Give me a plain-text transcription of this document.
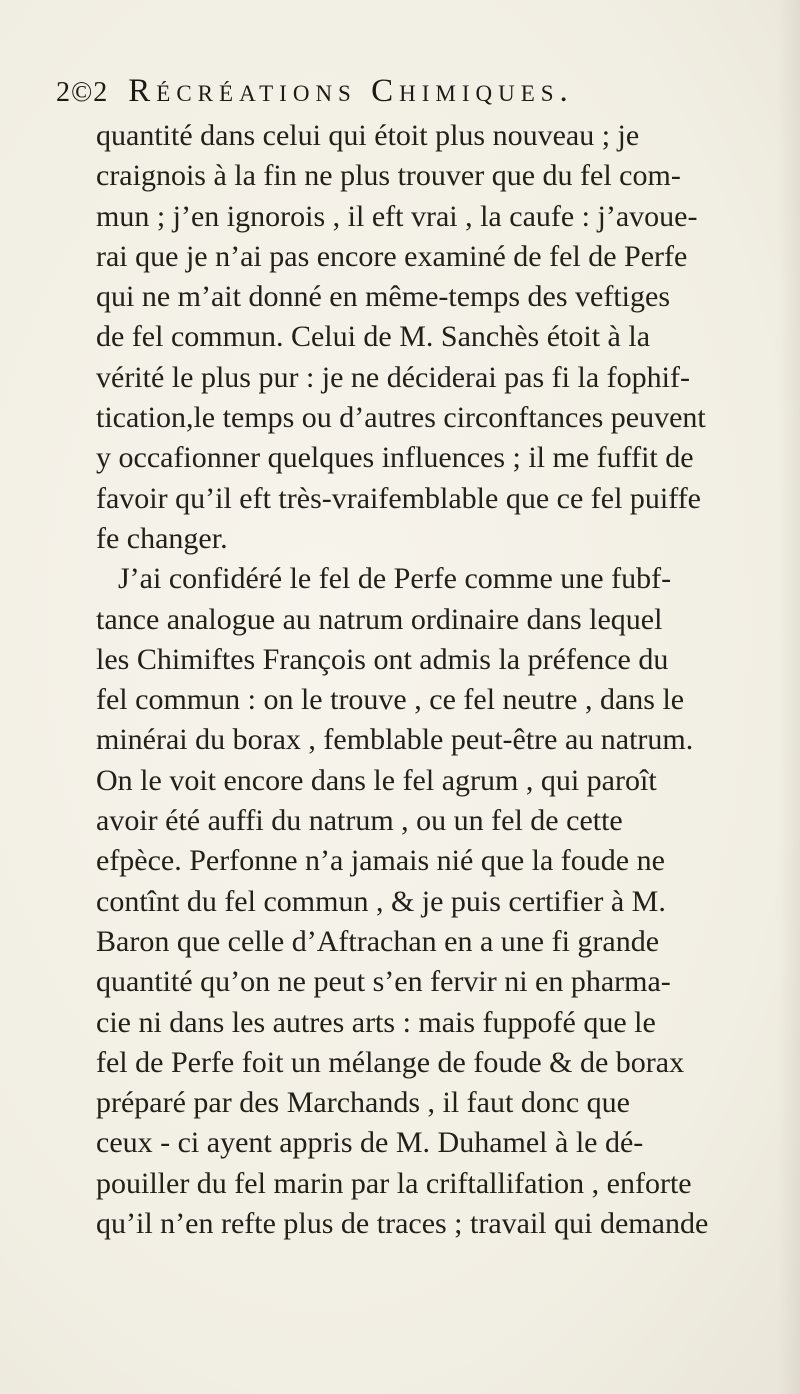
2©2 Récréations Chimiques.
quantité dans celui qui étoit plus nouveau ; je
craignois à la fin ne plus trouver que du fel com-
mun ; j’en ignorois , il eft vrai , la caufe : j’avoue-
rai que je n’ai pas encore examiné de fel de Perfe
qui ne m’ait donné en même-temps des veftiges
de fel commun. Celui de M. Sanchès étoit à la
vérité le plus pur : je ne déciderai pas fi la fophif-
tication,le temps ou d’autres circonftances peuvent
y occafionner quelques influences ; il me fuffit de
favoir qu’il eft très-vraifemblable que ce fel puiffe
fe changer.
J’ai confidéré le fel de Perfe comme une fubf-
tance analogue au natrum ordinaire dans lequel
les Chimiftes François ont admis la préfence du
fel commun : on le trouve , ce fel neutre , dans le
minérai du borax , femblable peut-être au natrum.
On le voit encore dans le fel agrum , qui paroît
avoir été auffi du natrum , ou un fel de cette
efpèce. Perfonne n’a jamais nié que la foude ne
contînt du fel commun , & je puis certifier à M.
Baron que celle d’Aftrachan en a une fi grande
quantité qu’on ne peut s’en fervir ni en pharma-
cie ni dans les autres arts : mais fuppofé que le
fel de Perfe foit un mélange de foude & de borax
préparé par des Marchands , il faut donc que
ceux - ci ayent appris de M. Duhamel à le dé-
pouiller du fel marin par la criftallifation , enforte
qu’il n’en refte plus de traces ; travail qui demande
